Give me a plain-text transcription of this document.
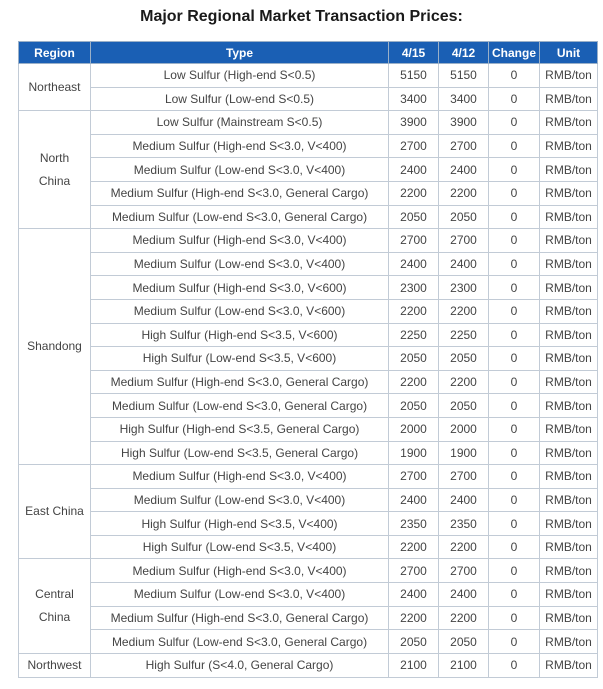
Major Regional Market Transaction Prices:
Region	Type	4/15	4/12	Change	Unit
Northeast	Low Sulfur (High-end S<0.5)	5150	5150	0	RMB/ton
	Low Sulfur (Low-end S<0.5)	3400	3400	0	RMB/ton
North China	Low Sulfur (Mainstream S<0.5)	3900	3900	0	RMB/ton
	Medium Sulfur (High-end S<3.0, V<400)	2700	2700	0	RMB/ton
	Medium Sulfur (Low-end S<3.0, V<400)	2400	2400	0	RMB/ton
	Medium Sulfur (High-end S<3.0, General Cargo)	2200	2200	0	RMB/ton
	Medium Sulfur (Low-end S<3.0, General Cargo)	2050	2050	0	RMB/ton
Shandong	Medium Sulfur (High-end S<3.0, V<400)	2700	2700	0	RMB/ton
	Medium Sulfur (Low-end S<3.0, V<400)	2400	2400	0	RMB/ton
	Medium Sulfur (High-end S<3.0, V<600)	2300	2300	0	RMB/ton
	Medium Sulfur (Low-end S<3.0, V<600)	2200	2200	0	RMB/ton
	High Sulfur (High-end S<3.5, V<600)	2250	2250	0	RMB/ton
	High Sulfur (Low-end S<3.5, V<600)	2050	2050	0	RMB/ton
	Medium Sulfur (High-end S<3.0, General Cargo)	2200	2200	0	RMB/ton
	Medium Sulfur (Low-end S<3.0, General Cargo)	2050	2050	0	RMB/ton
	High Sulfur (High-end S<3.5, General Cargo)	2000	2000	0	RMB/ton
	High Sulfur (Low-end S<3.5, General Cargo)	1900	1900	0	RMB/ton
East China	Medium Sulfur (High-end S<3.0, V<400)	2700	2700	0	RMB/ton
	Medium Sulfur (Low-end S<3.0, V<400)	2400	2400	0	RMB/ton
	High Sulfur (High-end S<3.5, V<400)	2350	2350	0	RMB/ton
	High Sulfur (Low-end S<3.5, V<400)	2200	2200	0	RMB/ton
Central China	Medium Sulfur (High-end S<3.0, V<400)	2700	2700	0	RMB/ton
	Medium Sulfur (Low-end S<3.0, V<400)	2400	2400	0	RMB/ton
	Medium Sulfur (High-end S<3.0, General Cargo)	2200	2200	0	RMB/ton
	Medium Sulfur (Low-end S<3.0, General Cargo)	2050	2050	0	RMB/ton
Northwest	High Sulfur (S<4.0, General Cargo)	2100	2100	0	RMB/ton
